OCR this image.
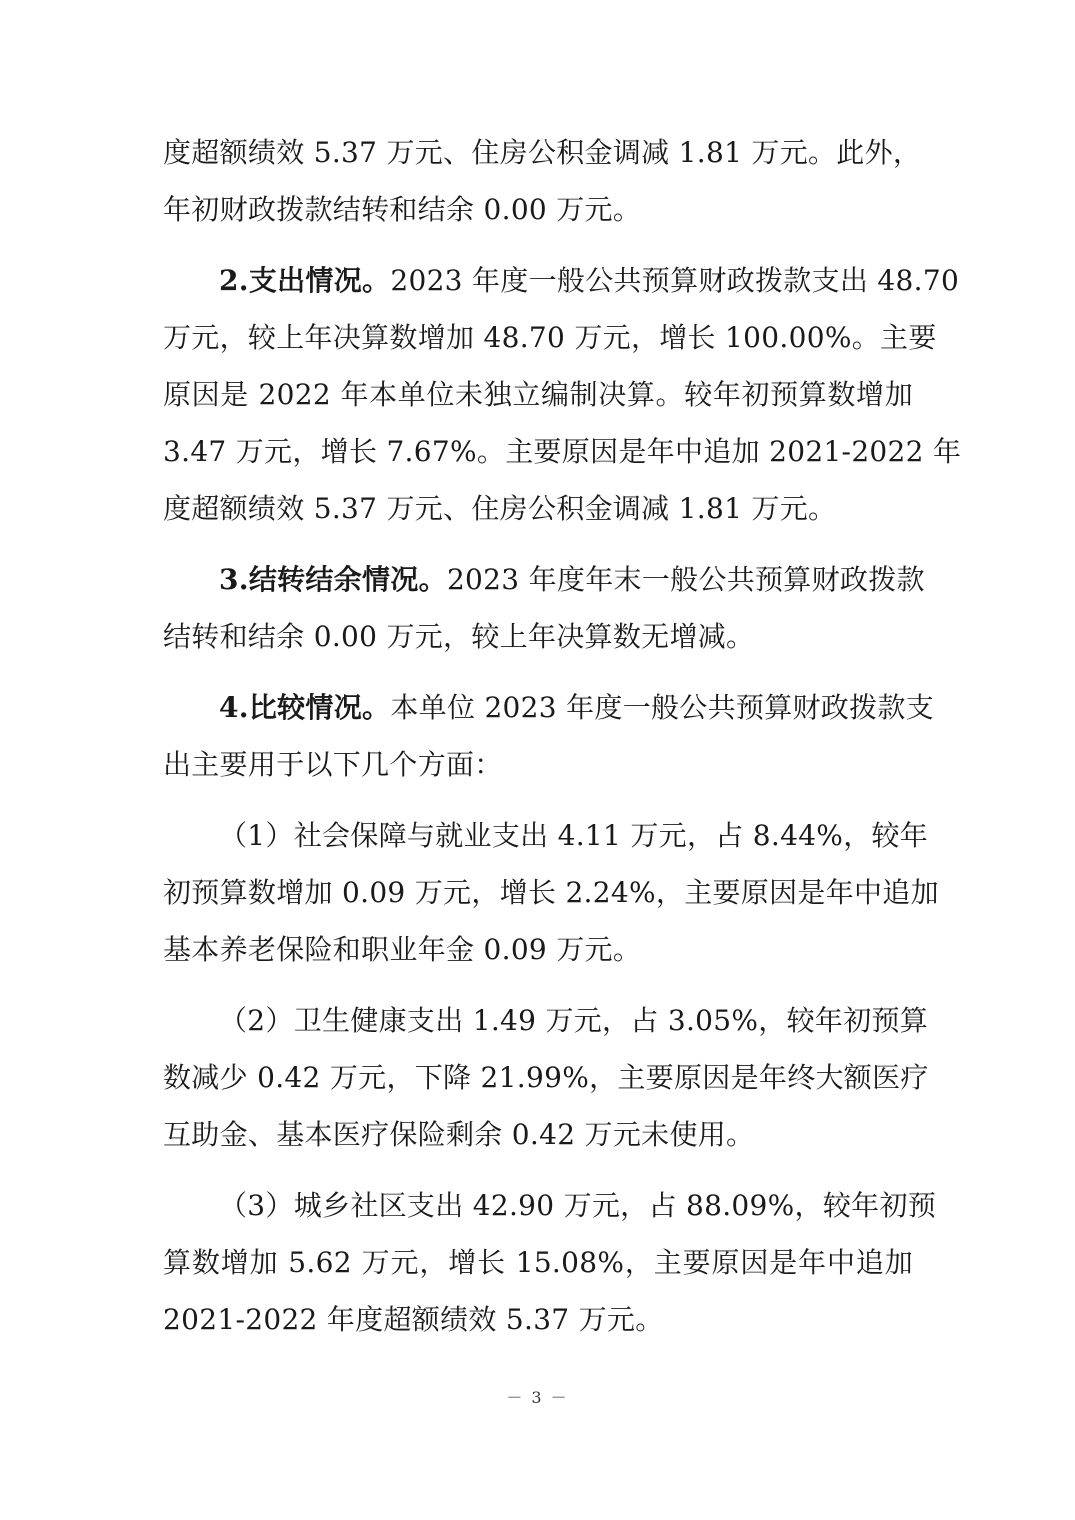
度超额绩效 5.37 万元、住房公积金调减 1.81 万元。此外，
年初财政拨款结转和结余 0.00 万元。
2.支出情况。2023 年度一般公共预算财政拨款支出 48.70
万元，较上年决算数增加 48.70 万元，增长 100.00%。主要
原因是 2022 年本单位未独立编制决算。较年初预算数增加
3.47 万元，增长 7.67%。主要原因是年中追加 2021-2022 年
度超额绩效 5.37 万元、住房公积金调减 1.81 万元。
3.结转结余情况。2023 年度年末一般公共预算财政拨款
结转和结余 0.00 万元，较上年决算数无增减。
4.比较情况。本单位 2023 年度一般公共预算财政拨款支
出主要用于以下几个方面：
（1）社会保障与就业支出 4.11 万元，占 8.44%，较年
初预算数增加 0.09 万元，增长 2.24%，主要原因是年中追加
基本养老保险和职业年金 0.09 万元。
（2）卫生健康支出 1.49 万元，占 3.05%，较年初预算
数减少 0.42 万元，下降 21.99%，主要原因是年终大额医疗
互助金、基本医疗保险剩余 0.42 万元未使用。
（3）城乡社区支出 42.90 万元，占 88.09%，较年初预
算数增加 5.62 万元，增长 15.08%，主要原因是年中追加
2021-2022 年度超额绩效 5.37 万元。
－ 3 －
